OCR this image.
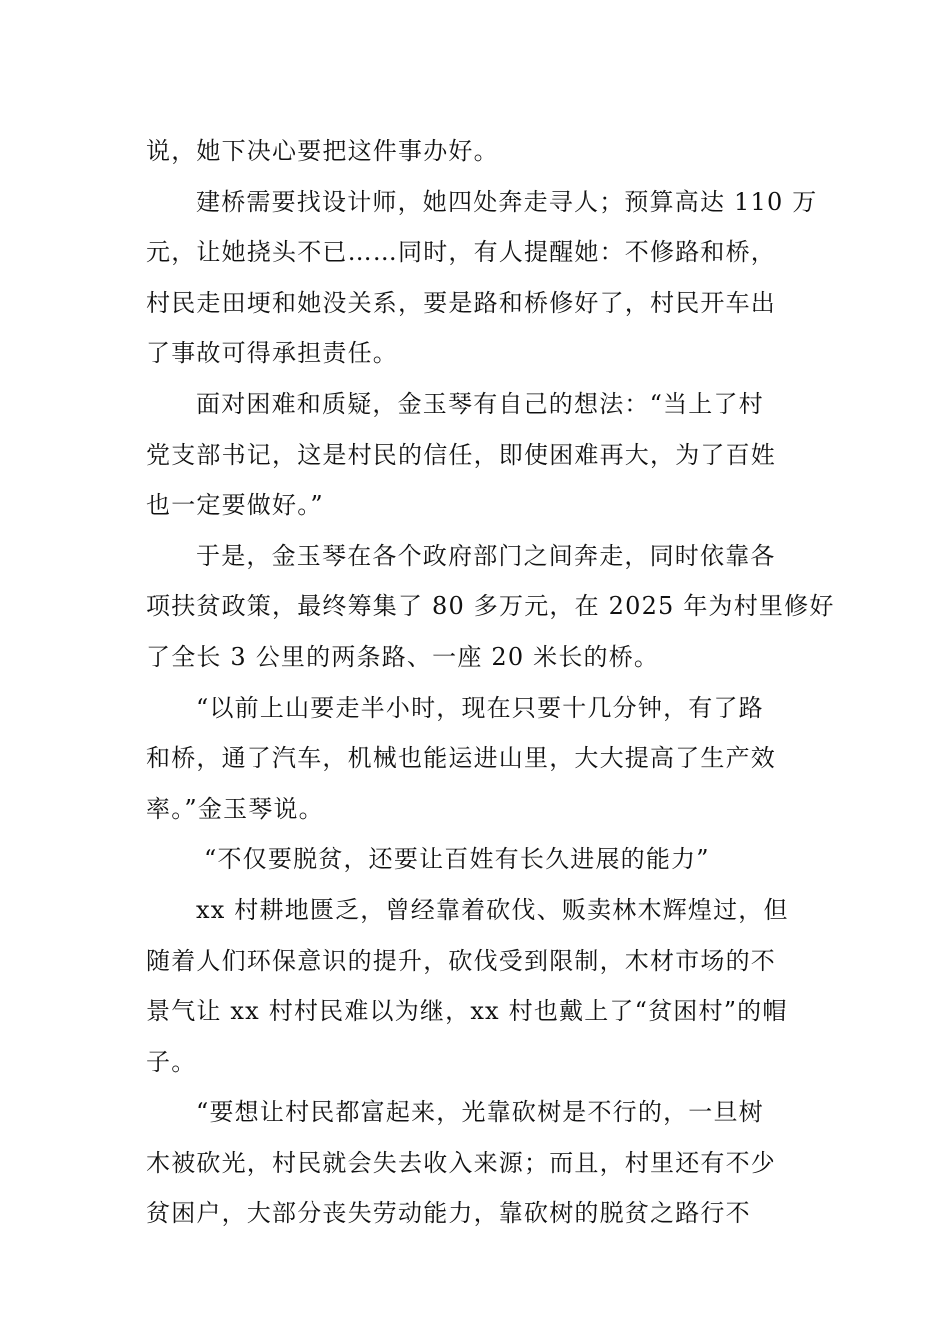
说，她下决心要把这件事办好。
建桥需要找设计师，她四处奔走寻人；预算高达 110 万
元，让她挠头不已……同时，有人提醒她：不修路和桥，
村民走田埂和她没关系，要是路和桥修好了，村民开车出
了事故可得承担责任。
面对困难和质疑，金玉琴有自己的想法：“当上了村
党支部书记，这是村民的信任，即使困难再大，为了百姓
也一定要做好。”
于是，金玉琴在各个政府部门之间奔走，同时依靠各
项扶贫政策，最终筹集了 80 多万元，在 2025 年为村里修好
了全长 3 公里的两条路、一座 20 米长的桥。
“以前上山要走半小时，现在只要十几分钟，有了路
和桥，通了汽车，机械也能运进山里，大大提高了生产效
率。”金玉琴说。
“不仅要脱贫，还要让百姓有长久进展的能力”
xx 村耕地匮乏，曾经靠着砍伐、贩卖林木辉煌过，但
随着人们环保意识的提升，砍伐受到限制，木材市场的不
景气让 xx 村村民难以为继，xx 村也戴上了“贫困村”的帽
子。
“要想让村民都富起来，光靠砍树是不行的，一旦树
木被砍光，村民就会失去收入来源；而且，村里还有不少
贫困户，大部分丧失劳动能力，靠砍树的脱贫之路行不
